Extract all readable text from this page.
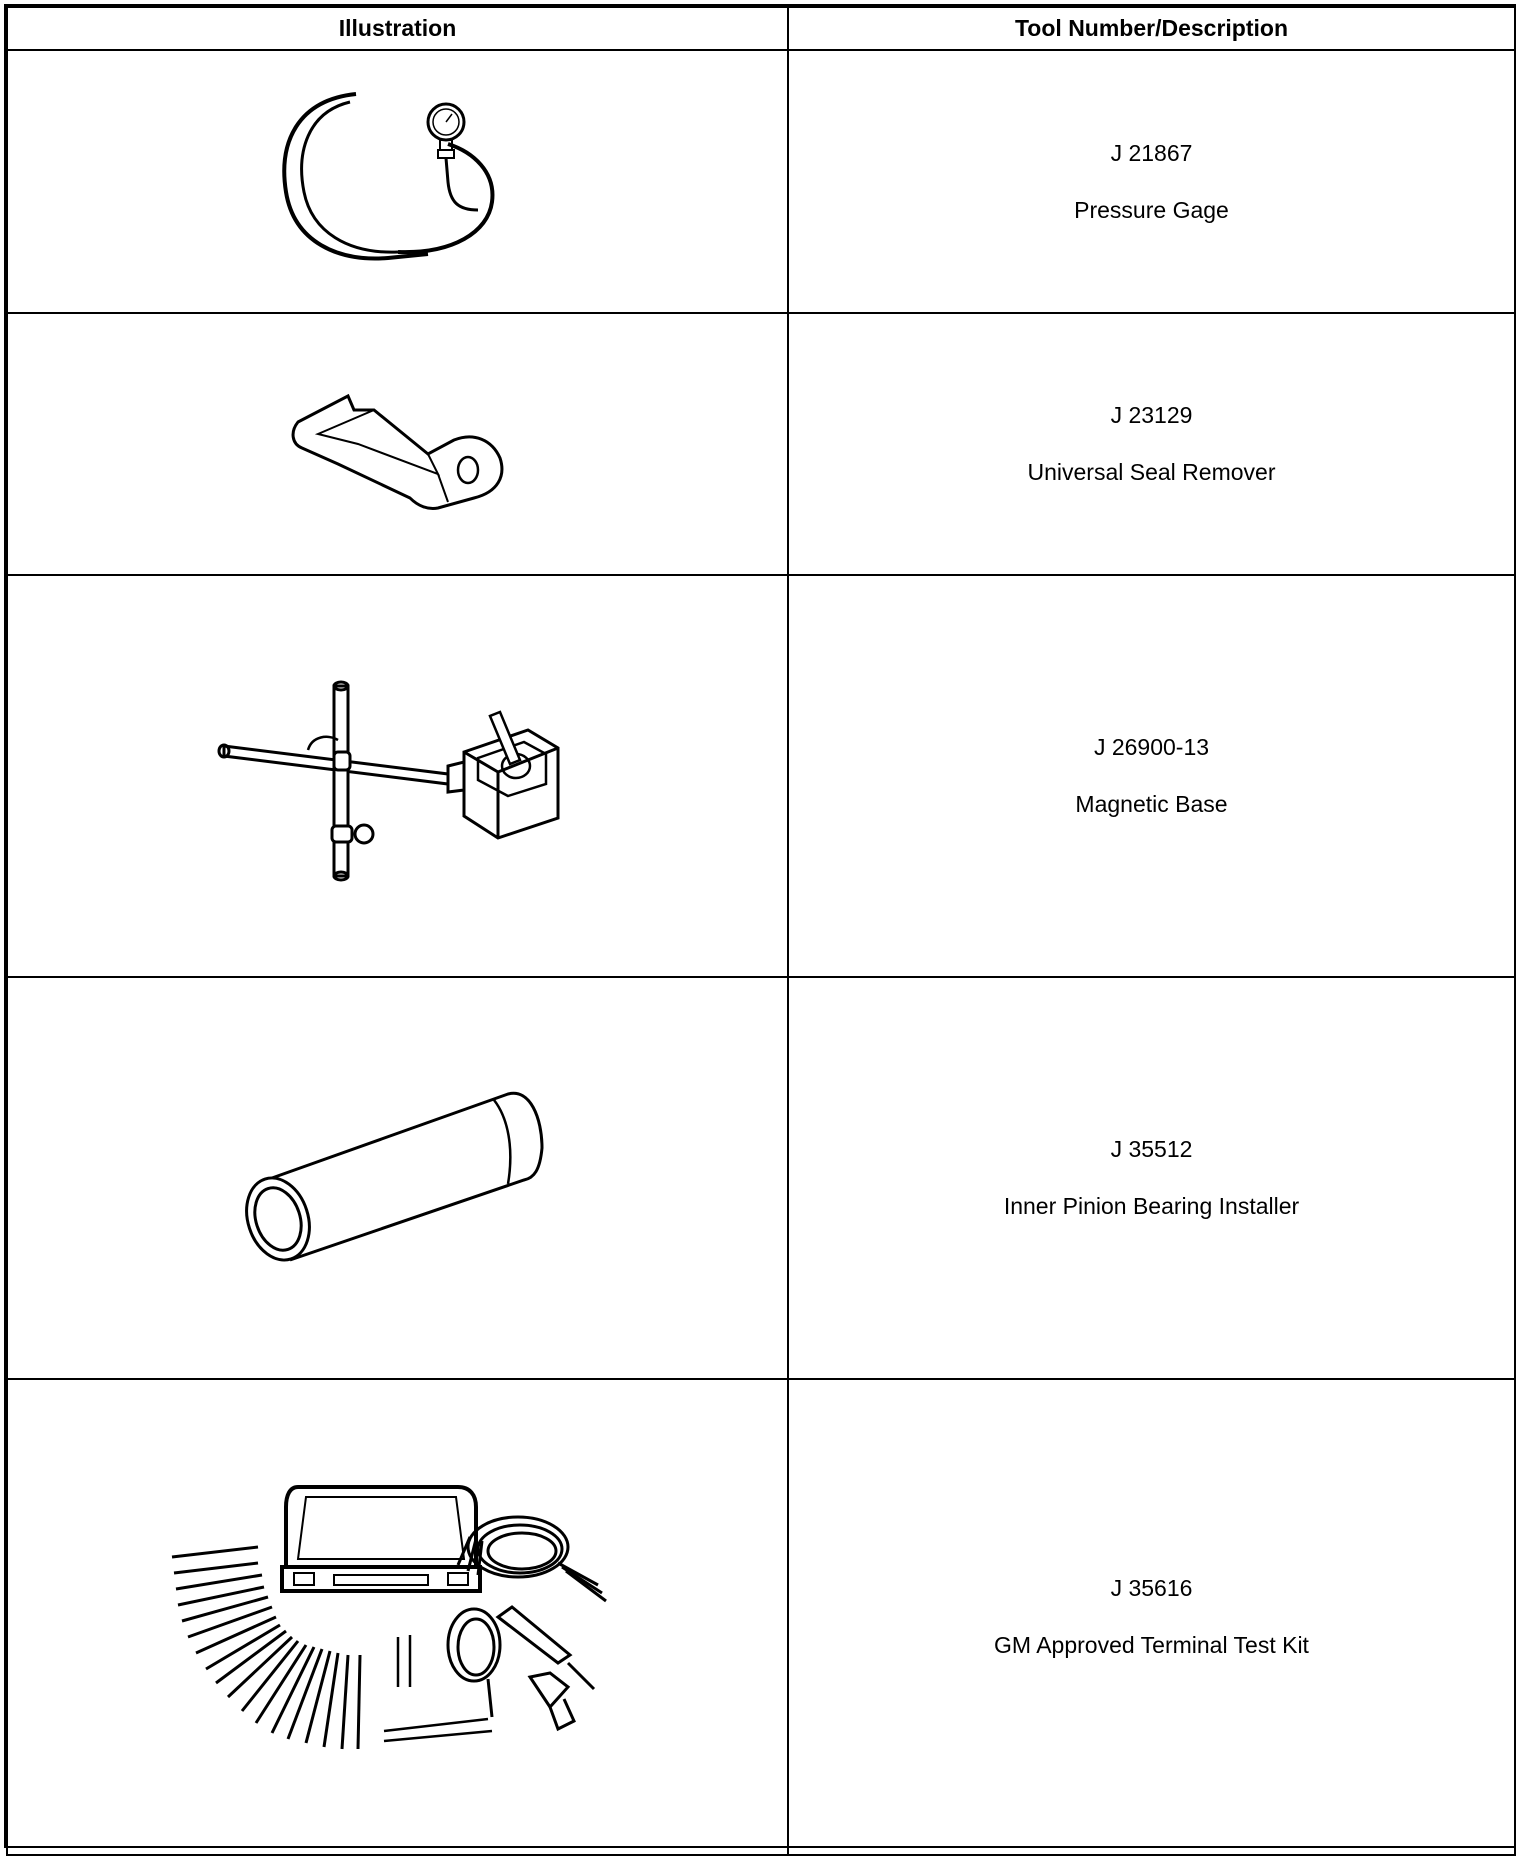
Illustration	Tool Number/Description

J 21867
Pressure Gage

J 23129
Universal Seal Remover

J 26900-13
Magnetic Base

J 35512
Inner Pinion Bearing Installer

J 35616
GM Approved Terminal Test Kit
